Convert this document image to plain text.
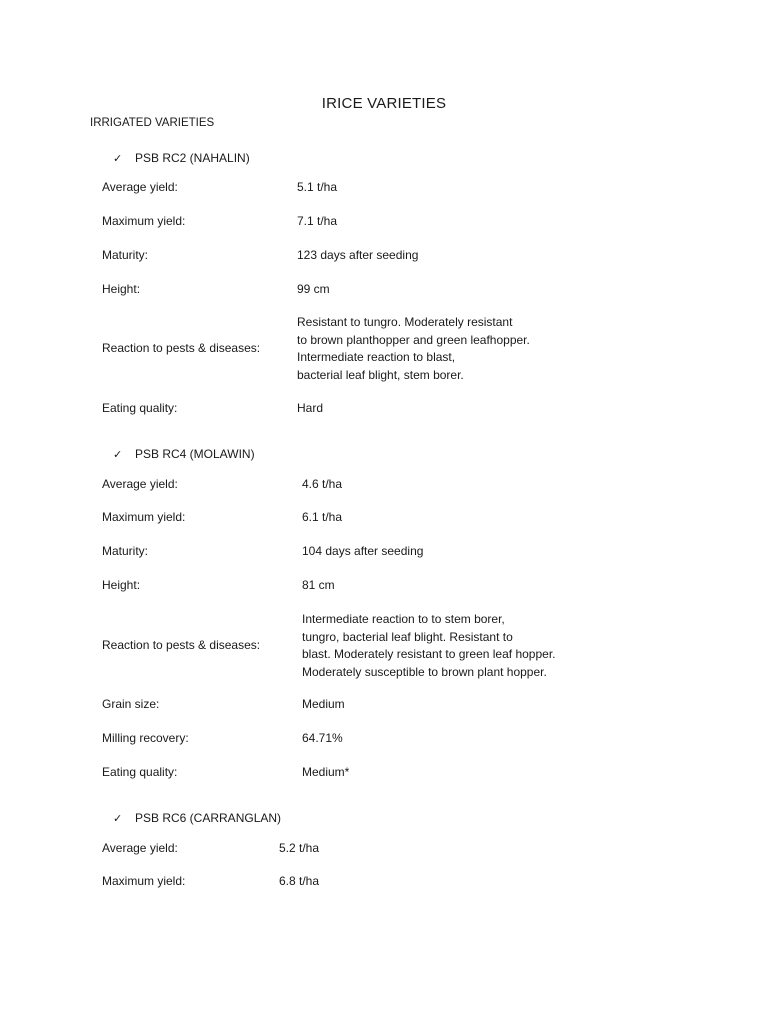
IRICE VARIETIES
IRRIGATED VARIETIES
✓ PSB RC2 (NAHALIN)
Average yield:	5.1 t/ha
Maximum yield:	7.1 t/ha
Maturity:	123 days after seeding
Height:	99 cm
Reaction to pests & diseases:
Resistant to tungro. Moderately resistant
to brown planthopper and green leafhopper.
Intermediate reaction to blast,
bacterial leaf blight, stem borer.
Eating quality:	Hard
✓ PSB RC4 (MOLAWIN)
Average yield:	4.6 t/ha
Maximum yield:	6.1 t/ha
Maturity:	104 days after seeding
Height:	81 cm
Reaction to pests & diseases:
Intermediate reaction to to stem borer,
tungro, bacterial leaf blight. Resistant to
blast. Moderately resistant to green leaf hopper.
Moderately susceptible to brown plant hopper.
Grain size:	Medium
Milling recovery:	64.71%
Eating quality:	Medium*
✓ PSB RC6 (CARRANGLAN)
Average yield:	5.2 t/ha
Maximum yield:	6.8 t/ha
